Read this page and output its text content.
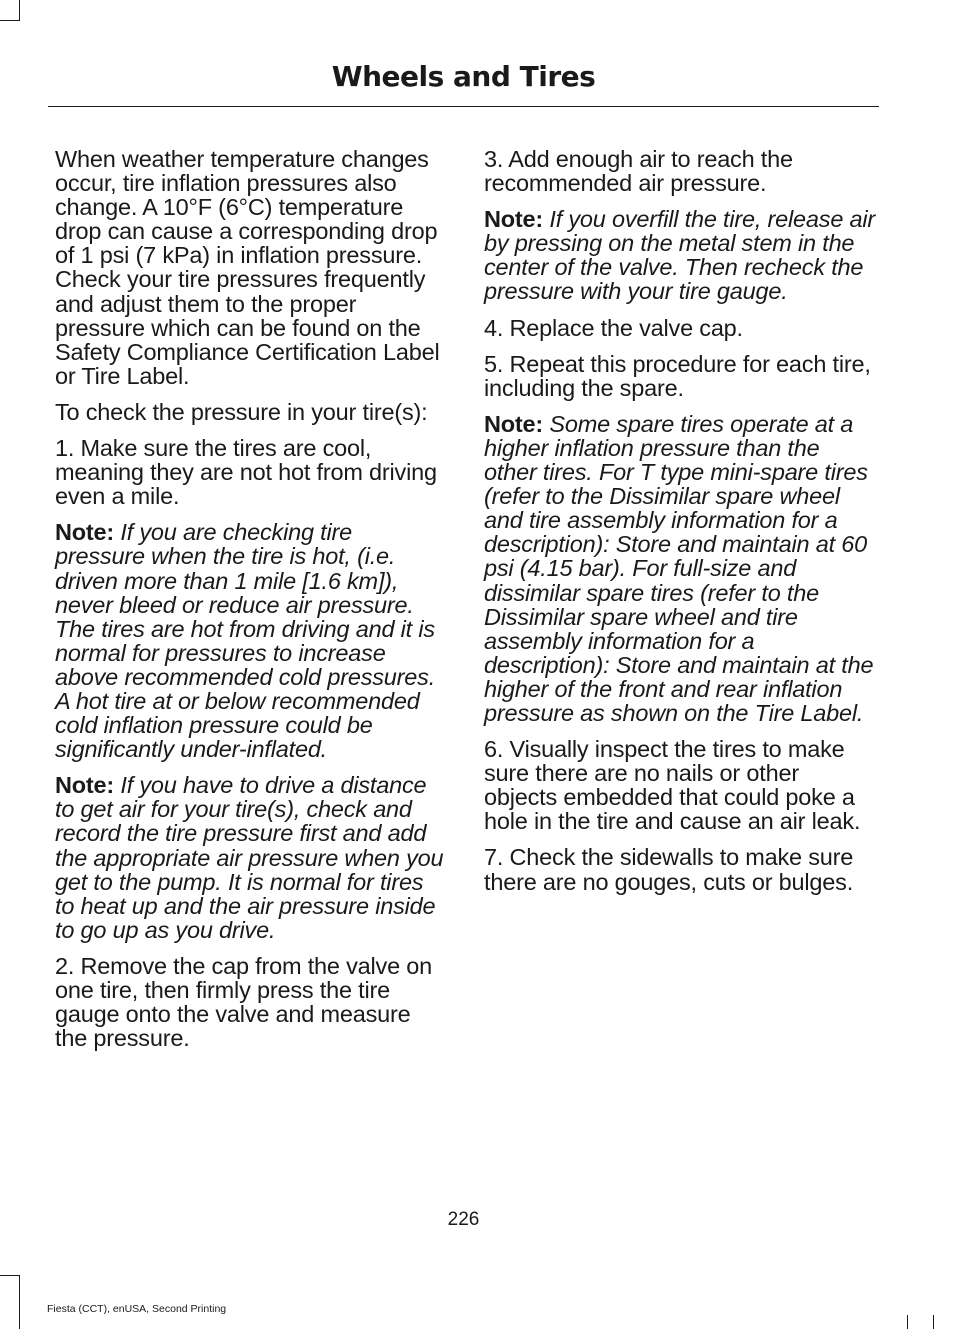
Wheels and Tires

When weather temperature changes occur, tire inflation pressures also change. A 10°F (6°C) temperature drop can cause a corresponding drop of 1 psi (7 kPa) in inflation pressure. Check your tire pressures frequently and adjust them to the proper pressure which can be found on the Safety Compliance Certification Label or Tire Label.

To check the pressure in your tire(s):

1. Make sure the tires are cool, meaning they are not hot from driving even a mile.

Note: If you are checking tire pressure when the tire is hot, (i.e. driven more than 1 mile [1.6 km]), never bleed or reduce air pressure. The tires are hot from driving and it is normal for pressures to increase above recommended cold pressures. A hot tire at or below recommended cold inflation pressure could be significantly under-inflated.

Note: If you have to drive a distance to get air for your tire(s), check and record the tire pressure first and add the appropriate air pressure when you get to the pump. It is normal for tires to heat up and the air pressure inside to go up as you drive.

2. Remove the cap from the valve on one tire, then firmly press the tire gauge onto the valve and measure the pressure.

3. Add enough air to reach the recommended air pressure.

Note: If you overfill the tire, release air by pressing on the metal stem in the center of the valve. Then recheck the pressure with your tire gauge.

4. Replace the valve cap.

5. Repeat this procedure for each tire, including the spare.

Note: Some spare tires operate at a higher inflation pressure than the other tires. For T type mini-spare tires (refer to the Dissimilar spare wheel and tire assembly information for a description): Store and maintain at 60 psi (4.15 bar). For full-size and dissimilar spare tires (refer to the Dissimilar spare wheel and tire assembly information for a description): Store and maintain at the higher of the front and rear inflation pressure as shown on the Tire Label.

6. Visually inspect the tires to make sure there are no nails or other objects embedded that could poke a hole in the tire and cause an air leak.

7. Check the sidewalls to make sure there are no gouges, cuts or bulges.

226
Fiesta (CCT), enUSA, Second Printing
